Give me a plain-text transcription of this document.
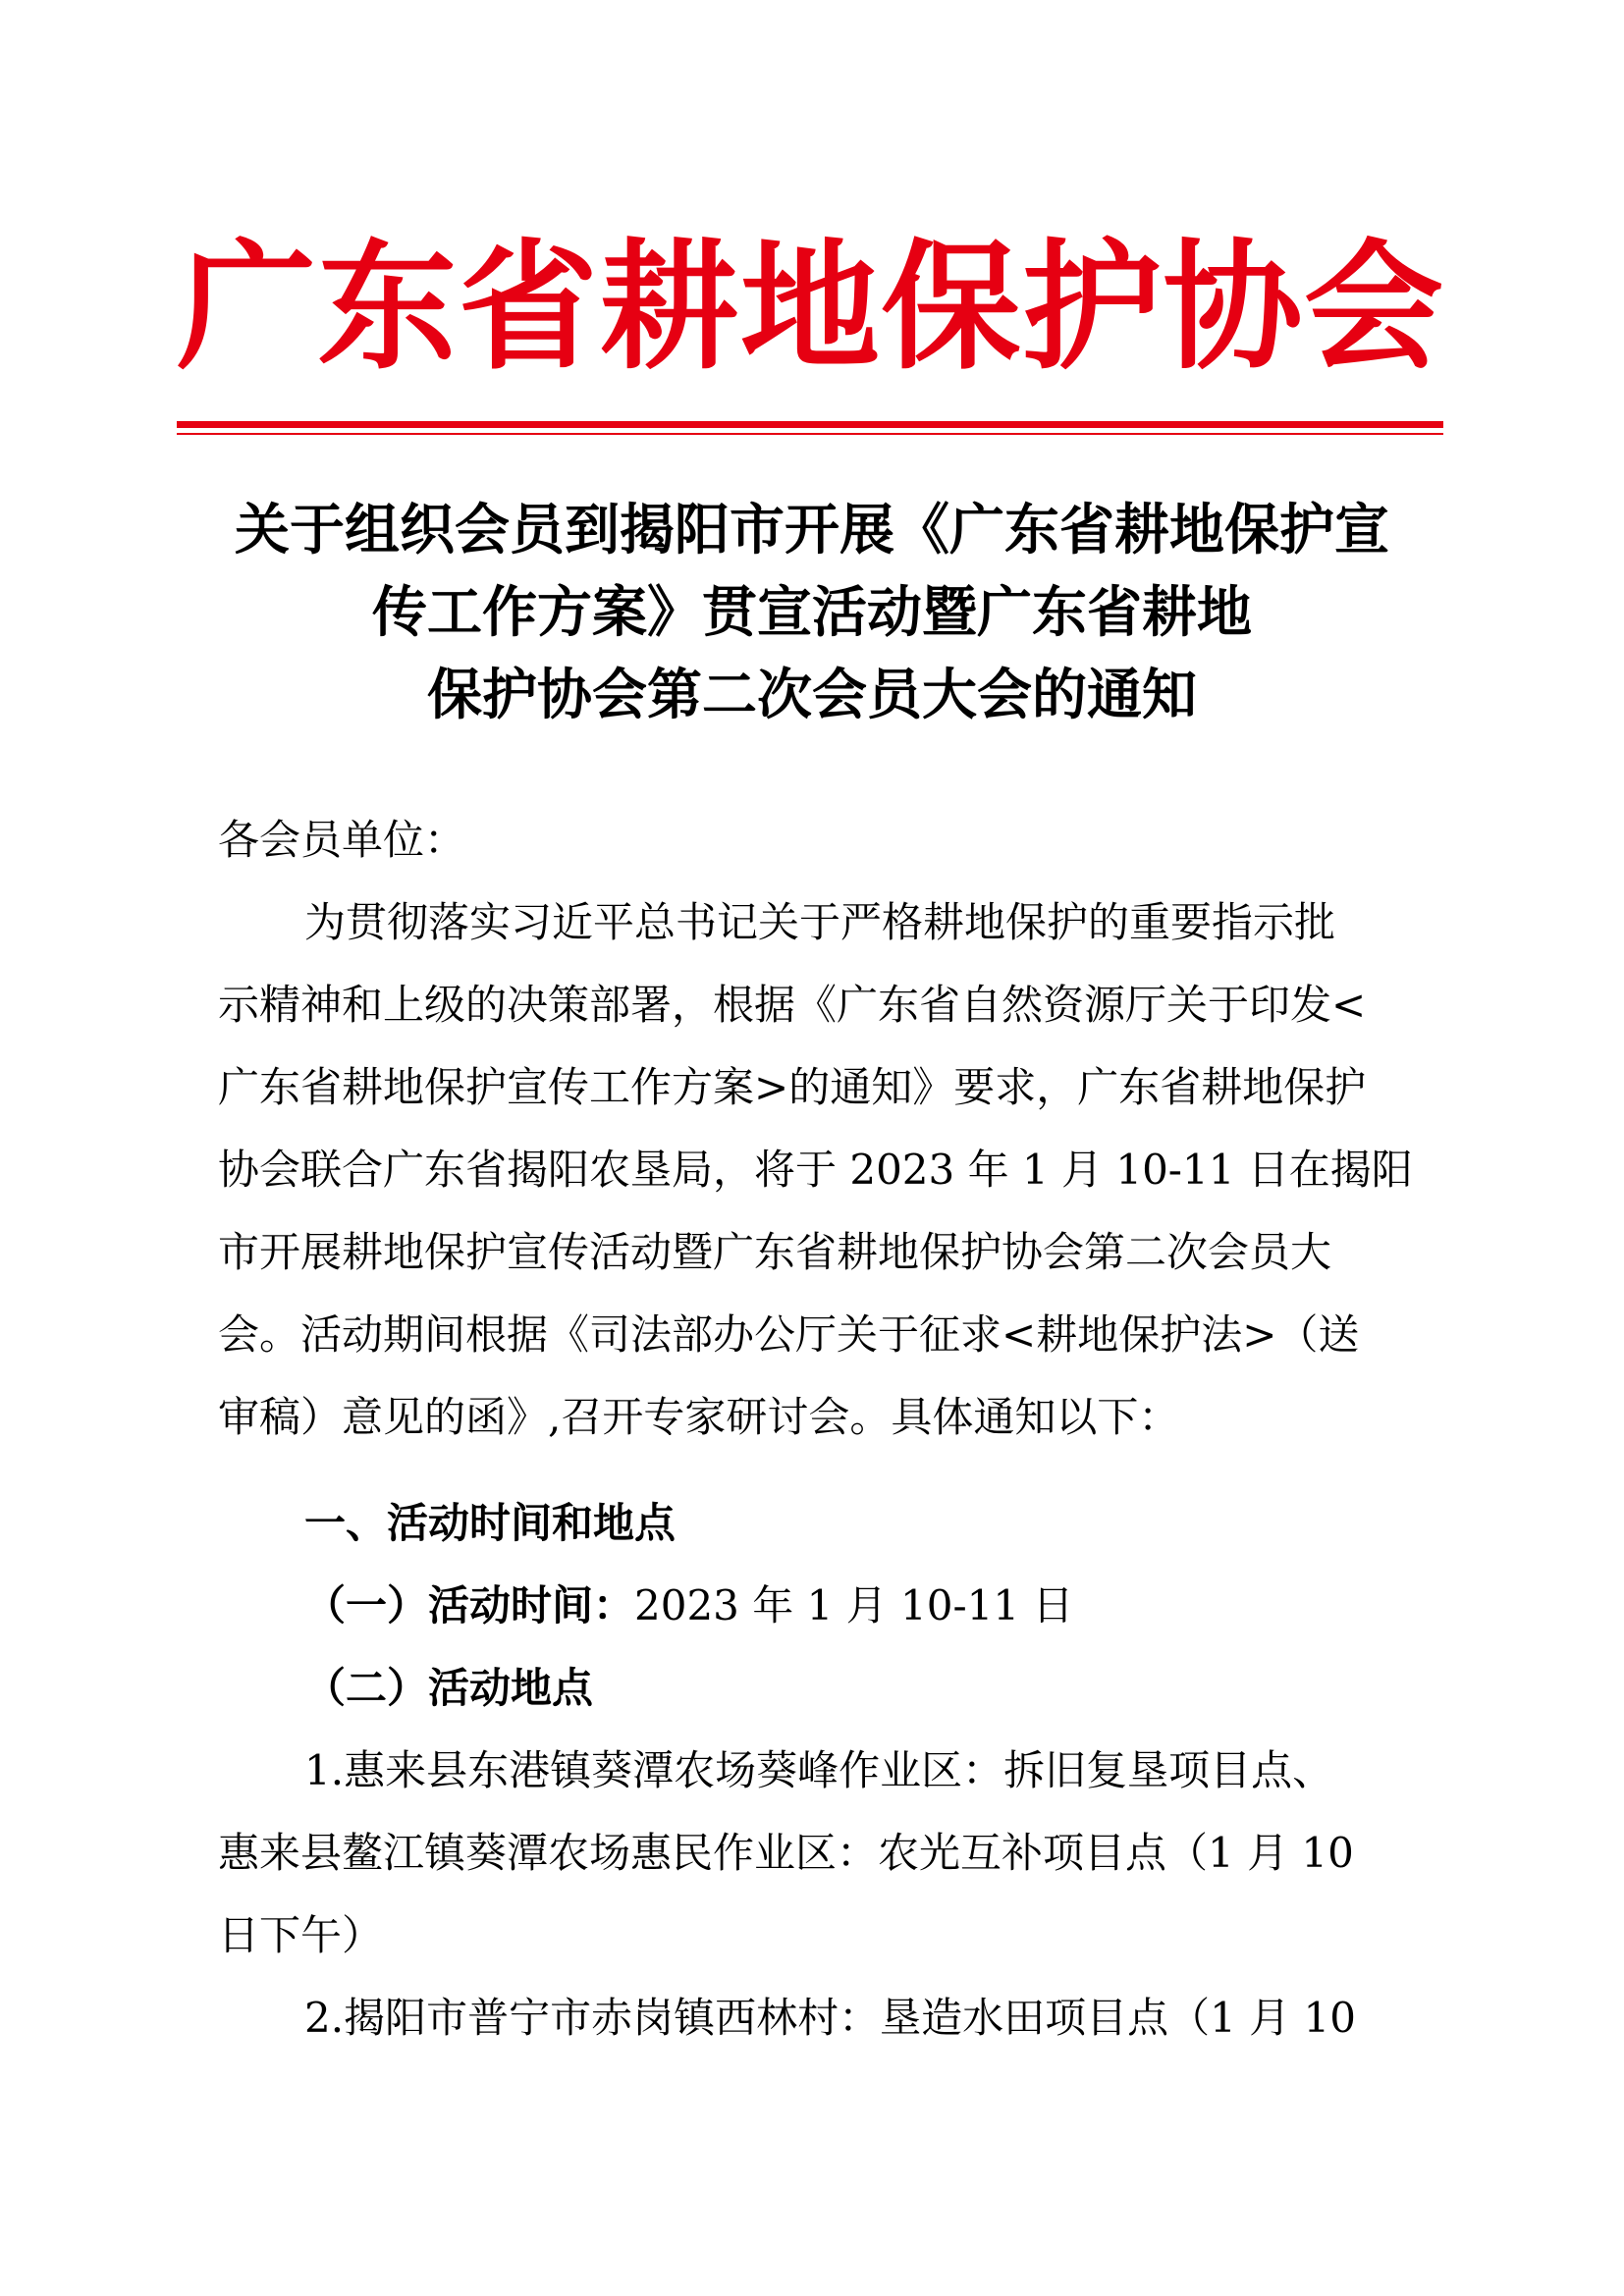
广 东 省 耕 地 保 护 协 会
关于组织会员到揭阳市开展《广东省耕地保护宣
传工作方案》贯宣活动暨广东省耕地
保护协会第二次会员大会的通知
各会员单位：
为贯彻落实习近平总书记关于严格耕地保护的重要指示批
示精神和上级的决策部署，根据《广东省自然资源厅关于印发<
广东省耕地保护宣传工作方案>的通知》要求，广东省耕地保护
协会联合广东省揭阳农垦局，将于 2023 年 1 月 10-11 日在揭阳
市开展耕地保护宣传活动暨广东省耕地保护协会第二次会员大
会。活动期间根据《司法部办公厅关于征求<耕地保护法>（送
审稿）意见的函》,召开专家研讨会。具体通知以下：
一、活动时间和地点
（一）活动时间：2023 年 1 月 10-11 日
（二）活动地点
1.惠来县东港镇葵潭农场葵峰作业区：拆旧复垦项目点、
惠来县鳌江镇葵潭农场惠民作业区：农光互补项目点（1 月 10
日下午）
2.揭阳市普宁市赤岗镇西林村：垦造水田项目点（1 月 10
